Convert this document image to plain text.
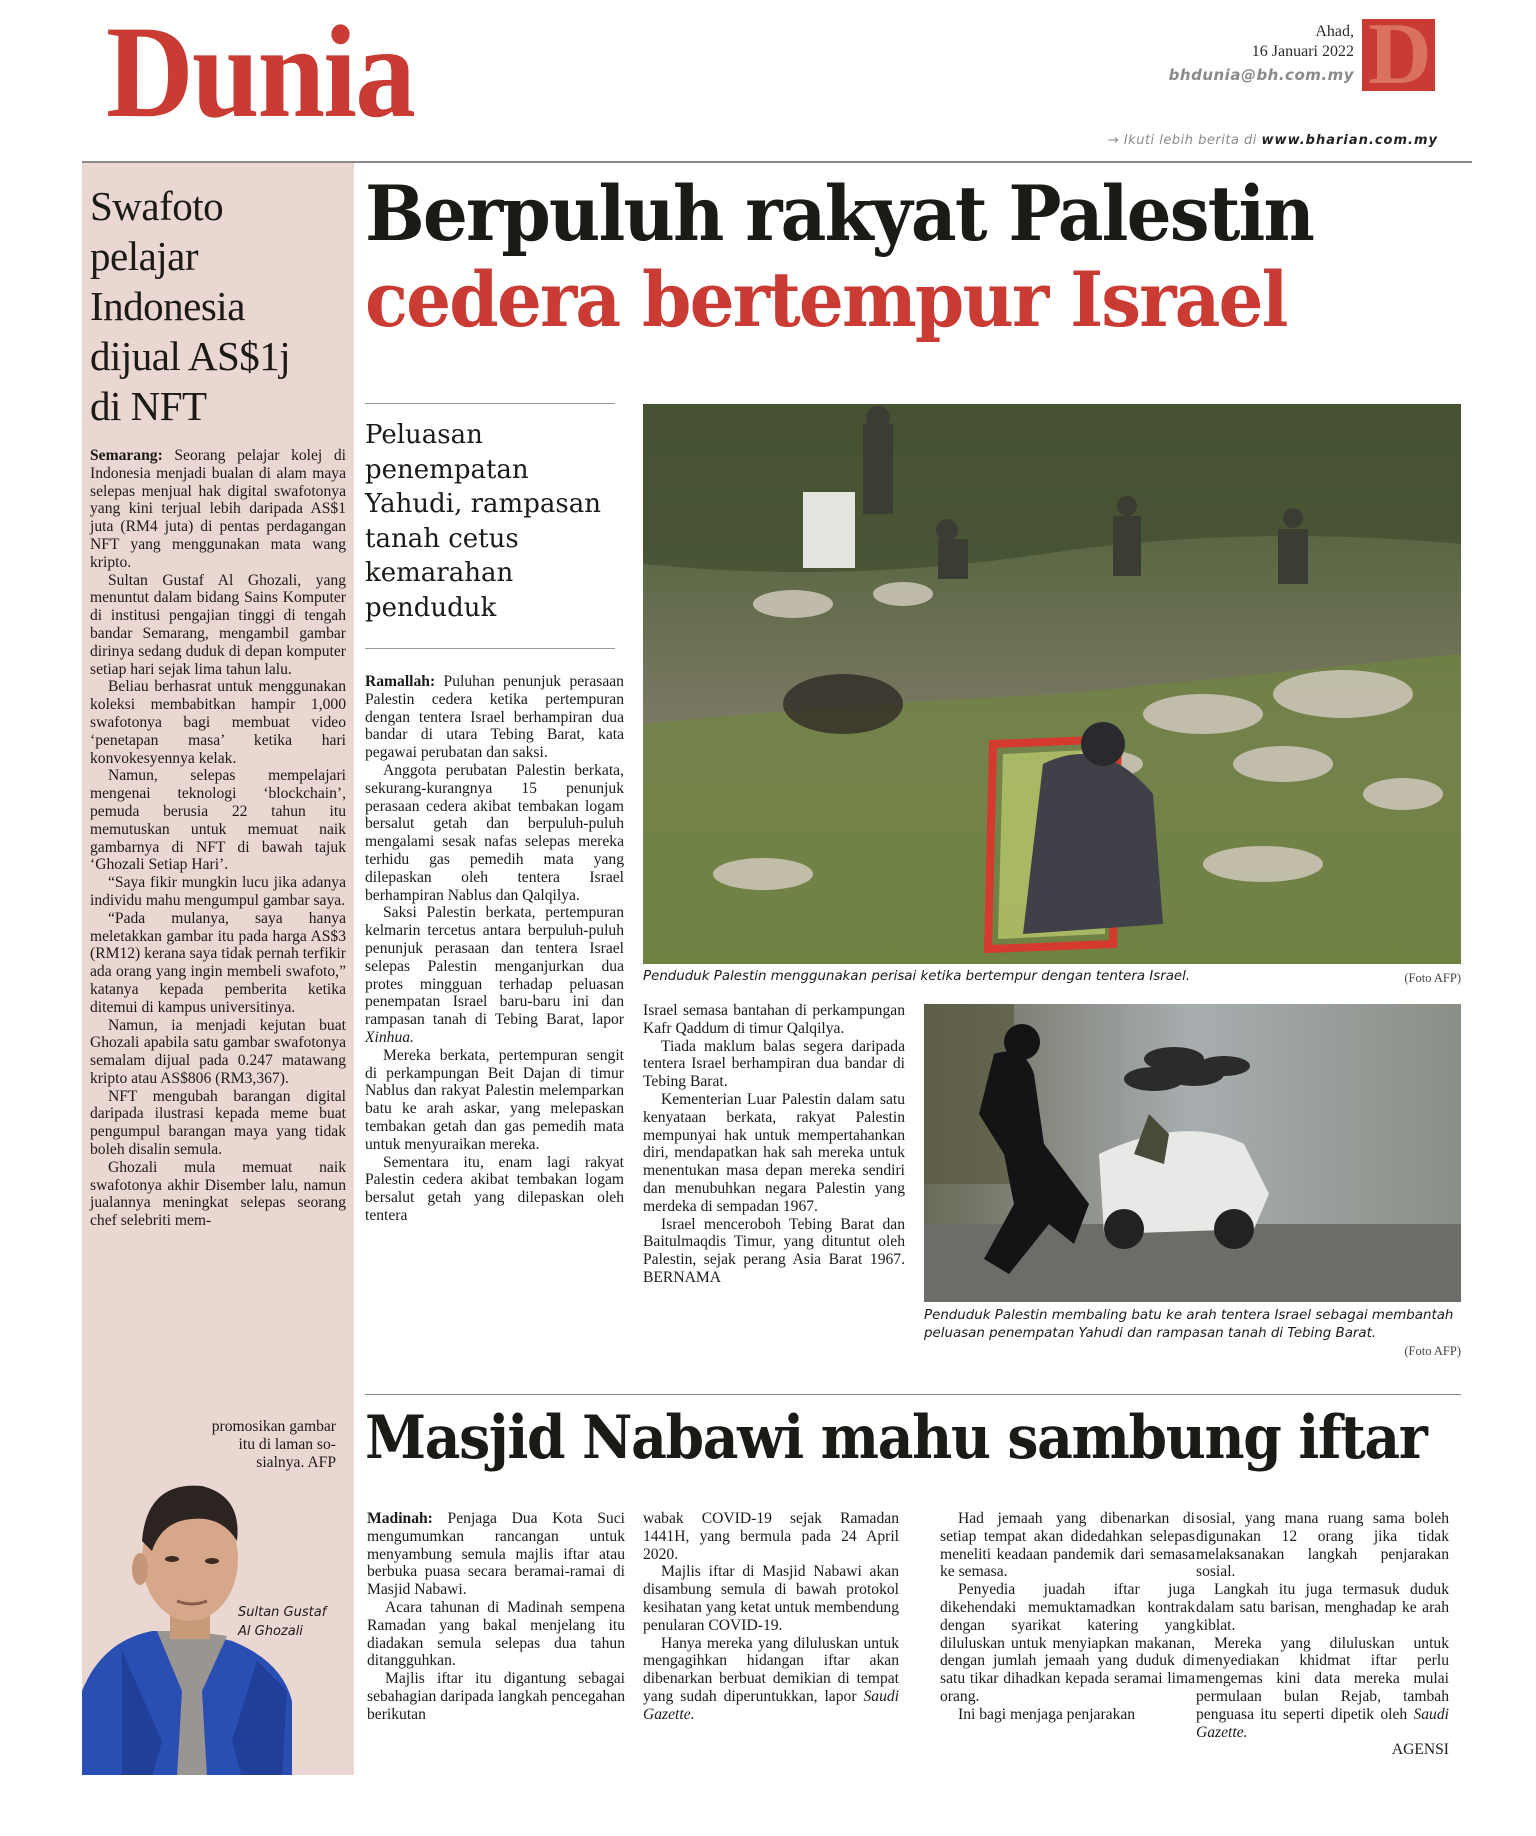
Dunia	Ahad,
16 Januari 2022
bhdunia@bh.com.my D
→ Ikuti lebih berita di www.bharian.com.my
Swafoto
pelajar
Indonesia
dijual AS$1j
di NFT

Semarang: Seorang pelajar kolej di Indonesia menjadi bualan di alam maya selepas menjual hak digital swafotonya yang kini terjual lebih daripada AS$1 juta (RM4 juta) di pentas perdagangan NFT yang menggunakan mata wang kripto.

Sultan Gustaf Al Ghozali, yang menuntut dalam bidang Sains Komputer di institusi pengajian tinggi di tengah bandar Semarang, mengambil gambar dirinya sedang duduk di depan komputer setiap hari sejak lima tahun lalu.

Beliau berhasrat untuk menggunakan koleksi membabitkan hampir 1,000 swafotonya bagi membuat video ‘penetapan masa’ ketika hari konvokesyennya kelak.

Namun, selepas mempelajari mengenai teknologi ‘blockchain’, pemuda berusia 22 tahun itu memutuskan untuk memuat naik gambarnya di NFT di bawah tajuk ‘Ghozali Setiap Hari’.

“Saya fikir mungkin lucu jika adanya individu mahu mengumpul gambar saya.

“Pada mulanya, saya hanya meletakkan gambar itu pada harga AS$3 (RM12) kerana saya tidak pernah terfikir ada orang yang ingin membeli swafoto,” katanya kepada pemberita ketika ditemui di kampus universitinya.

Namun, ia menjadi kejutan buat Ghozali apabila satu gambar swafotonya semalam dijual pada 0.247 matawang kripto atau AS$806 (RM3,367).

NFT mengubah barangan digital daripada ilustrasi kepada meme buat pengumpul barangan maya yang tidak boleh disalin semula.

Ghozali mula memuat naik swafotonya akhir Disember lalu, namun jualannya meningkat selepas seorang chef selebriti mem-

promosikan gambar
itu di laman so-
sialnya. AFP
Sultan Gustaf
Al Ghozali
Berpuluh rakyat Palestin
cedera bertempur Israel
Peluasan penempatan Yahudi, rampasan tanah cetus kemarahan penduduk

Ramallah: Puluhan penunjuk perasaan Palestin cedera ketika pertempuran dengan tentera Israel berhampiran dua bandar di utara Tebing Barat, kata pegawai perubatan dan saksi.

Anggota perubatan Palestin berkata, sekurang-kurangnya 15 penunjuk perasaan cedera akibat tembakan logam bersalut getah dan berpuluh-puluh mengalami sesak nafas selepas mereka terhidu gas pemedih mata yang dilepaskan oleh tentera Israel berhampiran Nablus dan Qalqilya.

Saksi Palestin berkata, pertempuran kelmarin tercetus antara berpuluh-puluh penunjuk perasaan dan tentera Israel selepas Palestin menganjurkan dua protes mingguan terhadap peluasan penempatan Israel baru-baru ini dan rampasan tanah di Tebing Barat, lapor Xinhua.

Mereka berkata, pertempuran sengit di perkampungan Beit Dajan di timur Nablus dan rakyat Palestin melemparkan batu ke arah askar, yang melepaskan tembakan getah dan gas pemedih mata untuk menyuraikan mereka.

Sementara itu, enam lagi rakyat Palestin cedera akibat tembakan logam bersalut getah yang dilepaskan oleh tentera

Penduduk Palestin menggunakan perisai ketika bertempur dengan tentera Israel.	(Foto AFP)

Israel semasa bantahan di perkampungan Kafr Qaddum di timur Qalqilya.

Tiada maklum balas segera daripada tentera Israel berhampiran dua bandar di Tebing Barat.

Kementerian Luar Palestin dalam satu kenyataan berkata, rakyat Palestin mempunyai hak untuk mempertahankan diri, mendapatkan hak sah mereka untuk menentukan masa depan mereka sendiri dan menubuhkan negara Palestin yang merdeka di sempadan 1967.

Israel menceroboh Tebing Barat dan Baitulmaqdis Timur, yang dituntut oleh Palestin, sejak perang Asia Barat 1967. BERNAMA

Penduduk Palestin membaling batu ke arah tentera Israel sebagai membantah peluasan penempatan Yahudi dan rampasan tanah di Tebing Barat.
(Foto AFP)
Masjid Nabawi mahu sambung iftar

Madinah: Penjaga Dua Kota Suci mengumumkan rancangan untuk menyambung semula majlis iftar atau berbuka puasa secara beramai-ramai di Masjid Nabawi.

Acara tahunan di Madinah sempena Ramadan yang bakal menjelang itu diadakan semula selepas dua tahun ditangguhkan.

Majlis iftar itu digantung sebagai sebahagian daripada langkah pencegahan berikutan

wabak COVID-19 sejak Ramadan 1441H, yang bermula pada 24 April 2020.

Majlis iftar di Masjid Nabawi akan disambung semula di bawah protokol kesihatan yang ketat untuk membendung penularan COVID-19.

Hanya mereka yang diluluskan untuk mengagihkan hidangan iftar akan dibenarkan berbuat demikian di tempat yang sudah diperuntukkan, lapor Saudi Gazette.

Had jemaah yang dibenarkan di setiap tempat akan didedahkan selepas meneliti keadaan pandemik dari semasa ke semasa.

Penyedia juadah iftar juga dikehendaki memuktamadkan kontrak dengan syarikat katering yang diluluskan untuk menyiapkan makanan, dengan jumlah jemaah yang duduk di satu tikar dihadkan kepada seramai lima orang.

Ini bagi menjaga penjarakan

sosial, yang mana ruang sama boleh digunakan 12 orang jika tidak melaksanakan langkah penjarakan sosial.

Langkah itu juga termasuk duduk dalam satu barisan, menghadap ke arah kiblat.

Mereka yang diluluskan untuk menyediakan khidmat iftar perlu mengemas kini data mereka mulai permulaan bulan Rejab, tambah penguasa itu seperti dipetik oleh Saudi Gazette.

AGENSI
